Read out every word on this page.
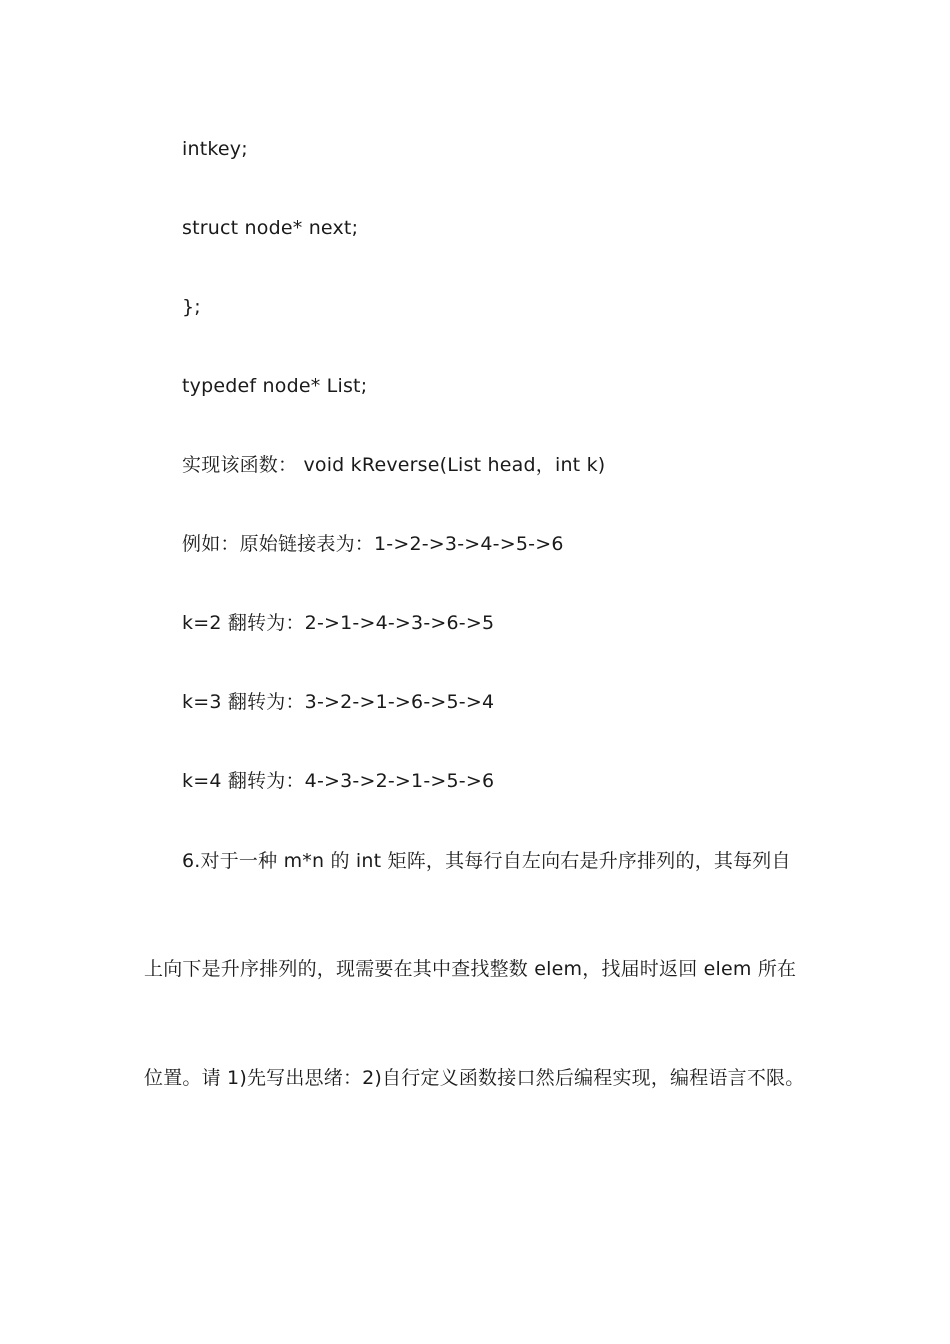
intkey;
struct node* next;
};
typedef node* List;
实现该函数： void kReverse(List head，int k)
例如：原始链接表为：1->2->3->4->5->6
k=2 翻转为：2->1->4->3->6->5
k=3 翻转为：3->2->1->6->5->4
k=4 翻转为：4->3->2->1->5->6
6.对于一种 m*n 的 int 矩阵，其每行自左向右是升序排列的，其每列自
上向下是升序排列的，现需要在其中查找整数 elem，找届时返回 elem 所在
位置。请 1)先写出思绪：2)自行定义函数接口然后编程实现，编程语言不限。
